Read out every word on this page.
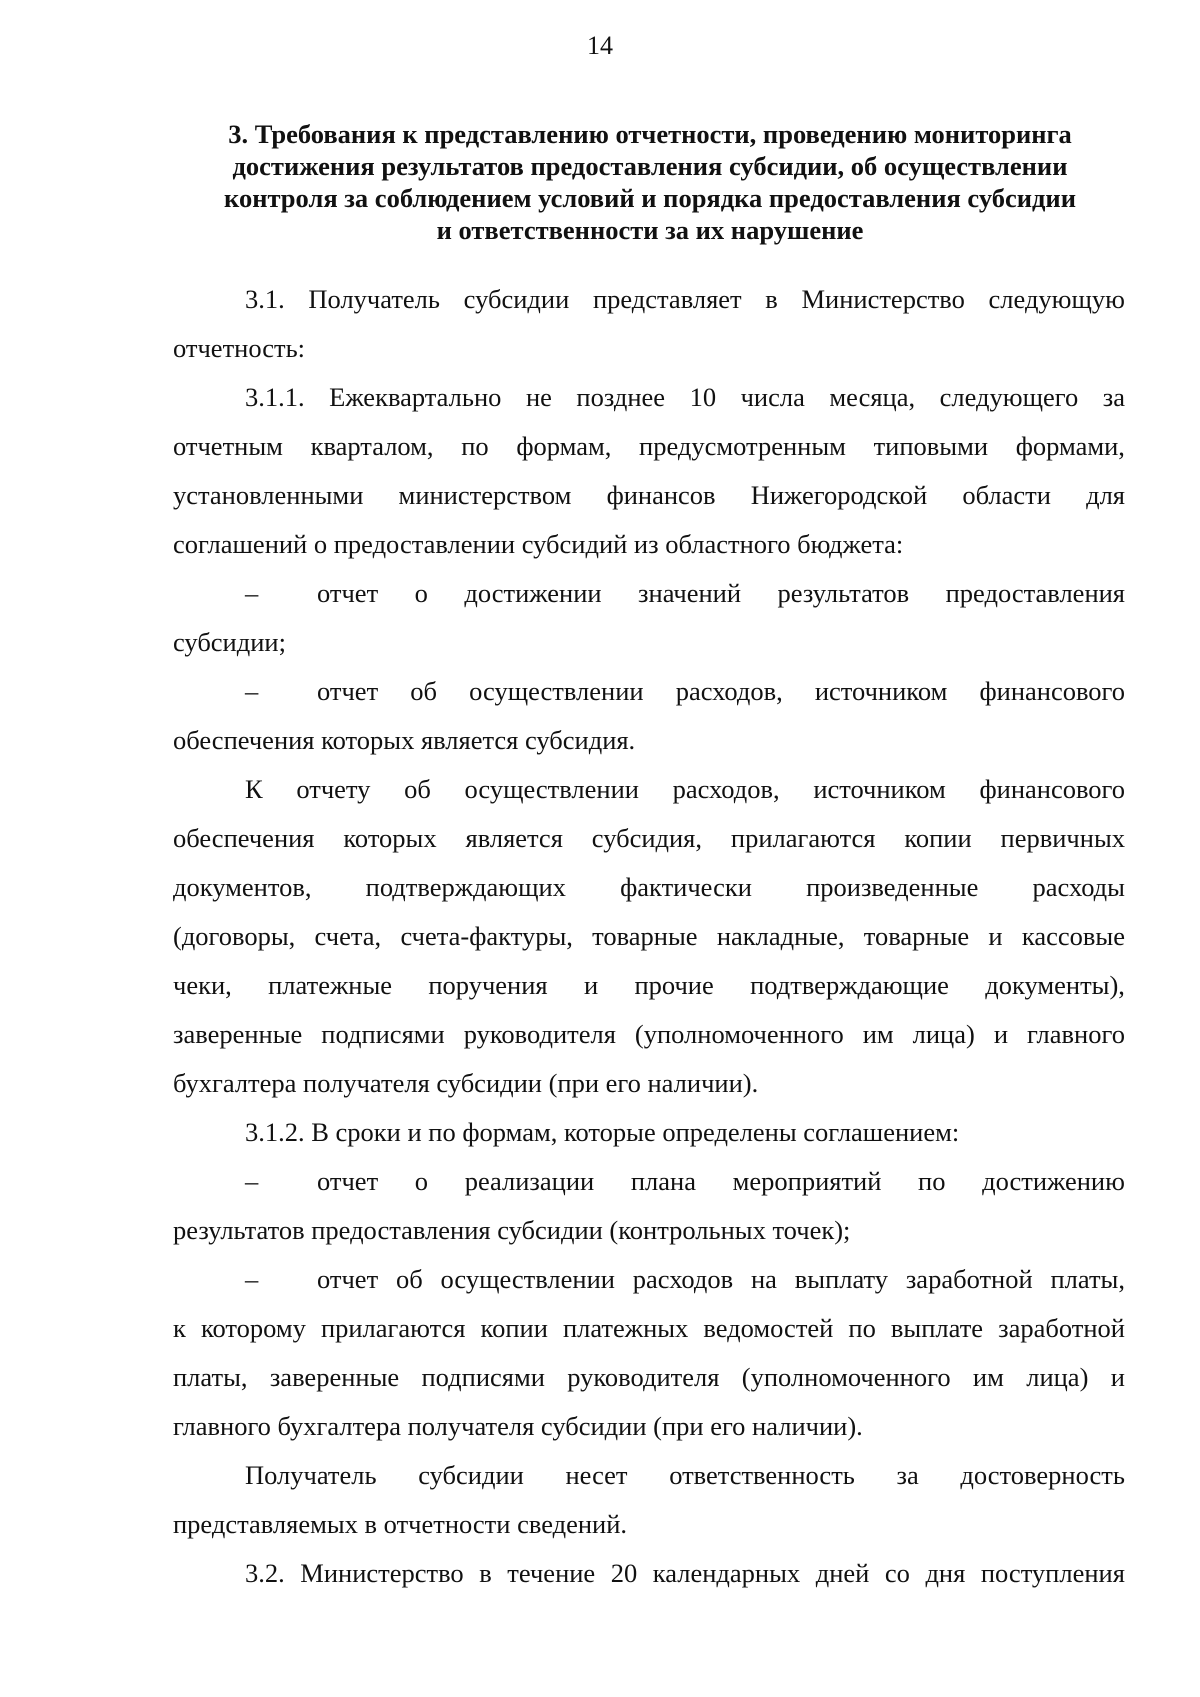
14
3. Требования к представлению отчетности, проведению мониторинга
достижения результатов предоставления субсидии, об осуществлении
контроля за соблюдением условий и порядка предоставления субсидии
и ответственности за их нарушение
3.1. Получатель субсидии представляет в Министерство следующую
отчетность:
3.1.1. Ежеквартально не позднее 10 числа месяца, следующего за
отчетным кварталом, по формам, предусмотренным типовыми формами,
установленными министерством финансов Нижегородской области для
соглашений о предоставлении субсидий из областного бюджета:
–	отчет о достижении значений результатов предоставления
субсидии;
–	отчет об осуществлении расходов, источником финансового
обеспечения которых является субсидия.
К отчету об осуществлении расходов, источником финансового
обеспечения которых является субсидия, прилагаются копии первичных
документов, подтверждающих фактически произведенные расходы
(договоры, счета, счета-фактуры, товарные накладные, товарные и кассовые
чеки, платежные поручения и прочие подтверждающие документы),
заверенные подписями руководителя (уполномоченного им лица) и главного
бухгалтера получателя субсидии (при его наличии).
3.1.2. В сроки и по формам, которые определены соглашением:
–	отчет о реализации плана мероприятий по достижению
результатов предоставления субсидии (контрольных точек);
–	отчет об осуществлении расходов на выплату заработной платы,
к которому прилагаются копии платежных ведомостей по выплате заработной
платы, заверенные подписями руководителя (уполномоченного им лица) и
главного бухгалтера получателя субсидии (при его наличии).
Получатель субсидии несет ответственность за достоверность
представляемых в отчетности сведений.
3.2. Министерство в течение 20 календарных дней со дня поступления
